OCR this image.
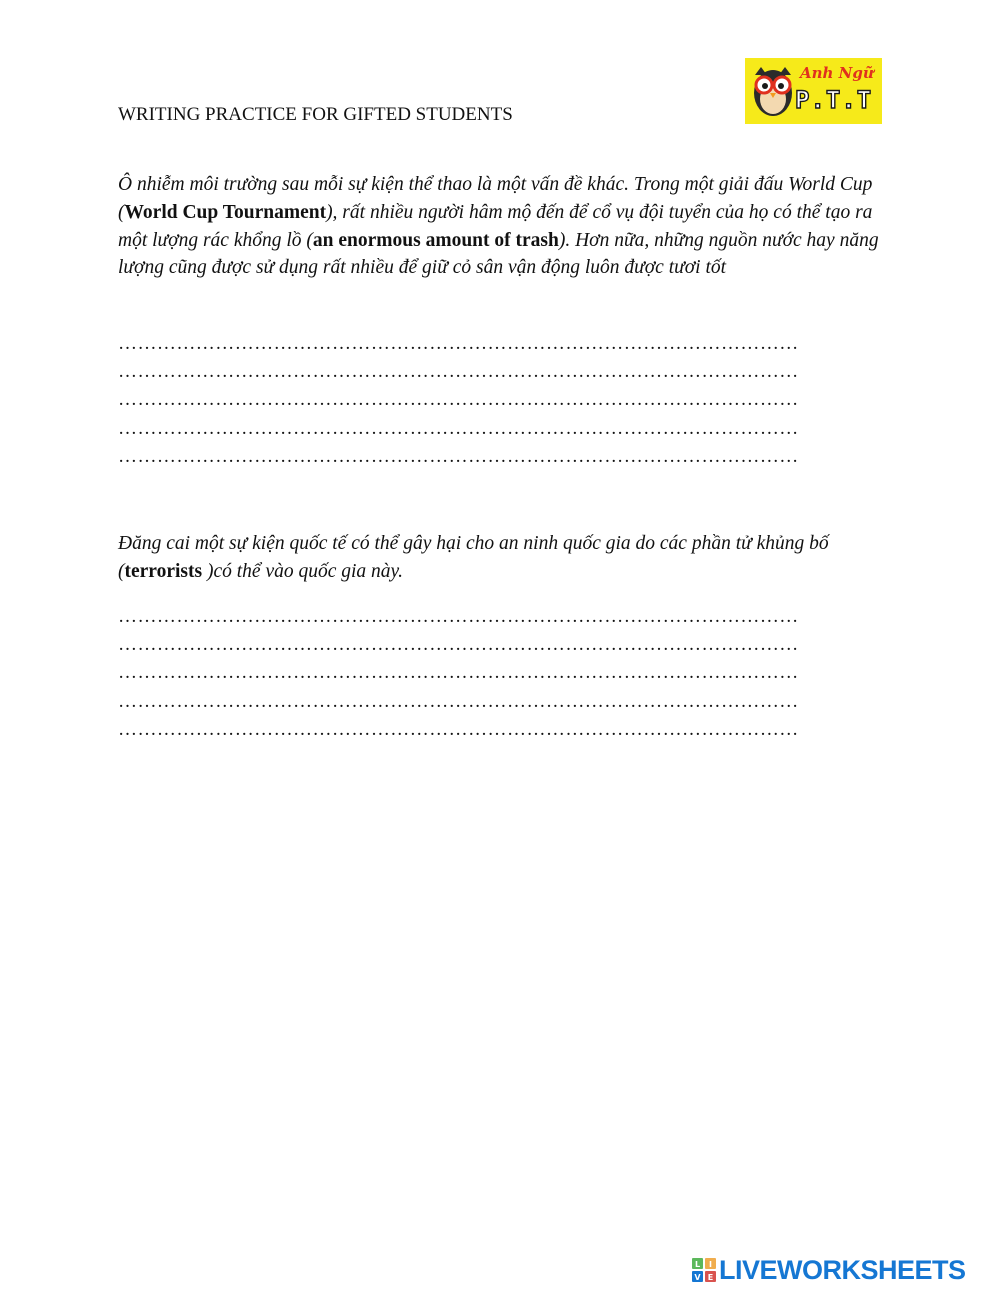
Anh Ngữ
P.T.T
WRITING PRACTICE FOR GIFTED STUDENTS

Ô nhiễm môi trường sau mỗi sự kiện thể thao là một vấn đề khác. Trong một giải đấu World Cup (World Cup Tournament), rất nhiều người hâm mộ đến để cổ vụ đội tuyển của họ có thể tạo ra một lượng rác khổng lồ (an enormous amount of trash). Hơn nữa, những nguồn nước hay năng lượng cũng được sử dụng rất nhiều để giữ cỏ sân vận động luôn được tươi tốt

……………………………………………………………………………………………
……………………………………………………………………………………………
……………………………………………………………………………………………
……………………………………………………………………………………………
……………………………………………………………………………………………

Đăng cai một sự kiện quốc tế có thể gây hại cho an ninh quốc gia do các phần tử khủng bố (terrorists )có thể vào quốc gia này.

……………………………………………………………………………………………
……………………………………………………………………………………………
……………………………………………………………………………………………
……………………………………………………………………………………………
……………………………………………………………………………………………
L I
V E LIVEWORKSHEETS
